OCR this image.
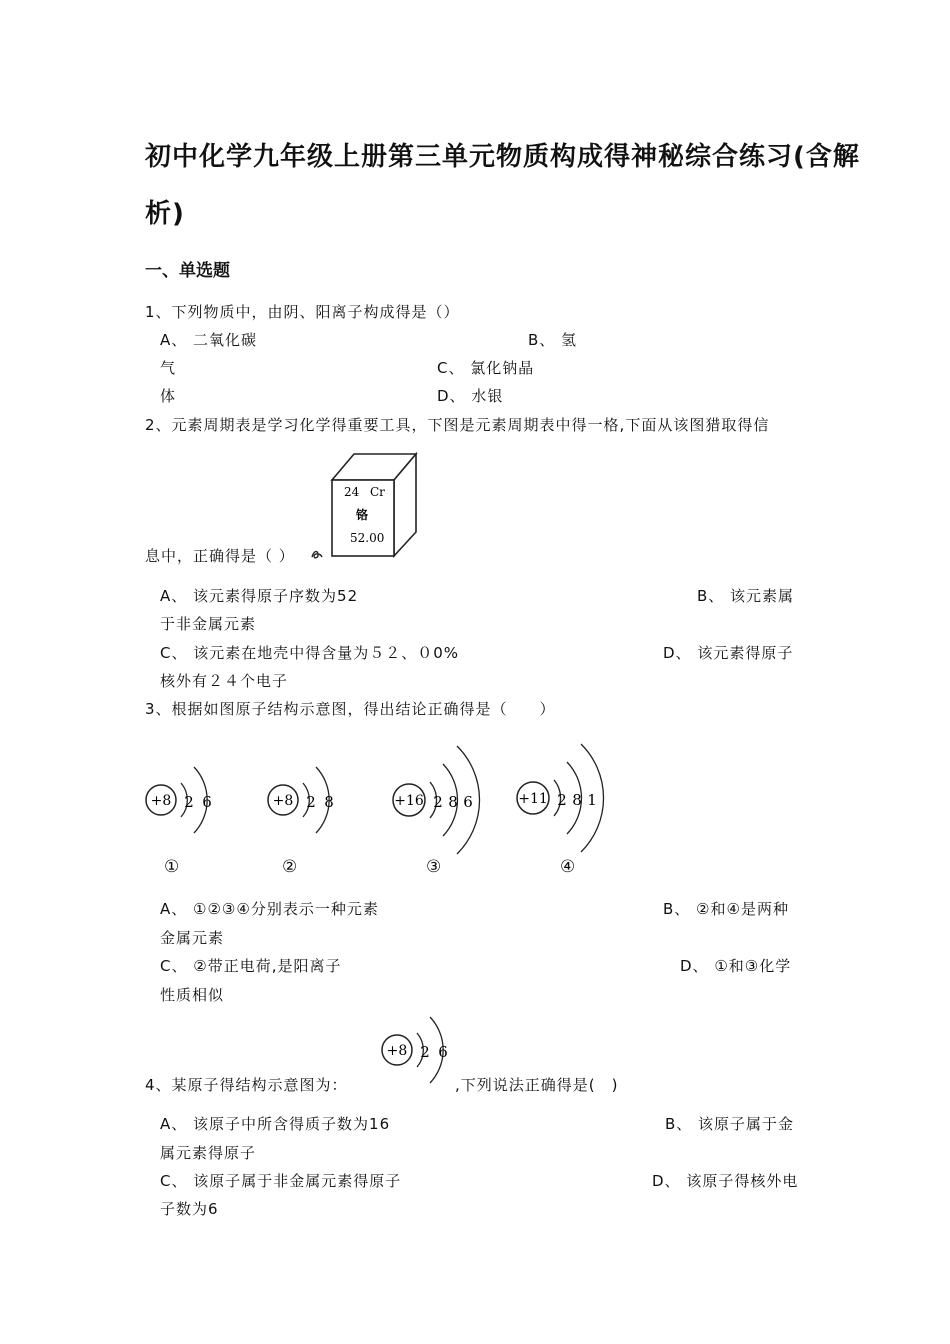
初中化学九年级上册第三单元物质构成得神秘综合练习(含解
析)
一、单选题
1、下列物质中，由阴、阳离子构成得是（）
A、 二氧化碳	B、 氢
气	C、 氯化钠晶
体	D、 水银
2、元素周期表是学习化学得重要工具，下图是元素周期表中得一格,下面从该图猎取得信
24 Cr
铬
52.00
息中，正确得是（ ）
A、 该元素得原子序数为52	B、 该元素属
于非金属元素
C、 该元素在地壳中得含量为５２、０0%	D、 该元素得原子
核外有２４个电子
3、根据如图原子结构示意图，得出结论正确得是（　　）
+8 2 6	+8 2 8	+16 2 8 6	+11 2 8 1
①	②	③	④
A、 ①②③④分别表示一种元素	B、 ②和④是两种
金属元素
C、 ②带正电荷,是阳离子	D、 ①和③化学
性质相似
4、某原子得结构示意图为：
+8 2 6
,下列说法正确得是(　)
A、 该原子中所含得质子数为16	B、 该原子属于金
属元素得原子
C、 该原子属于非金属元素得原子	D、 该原子得核外电
子数为6
